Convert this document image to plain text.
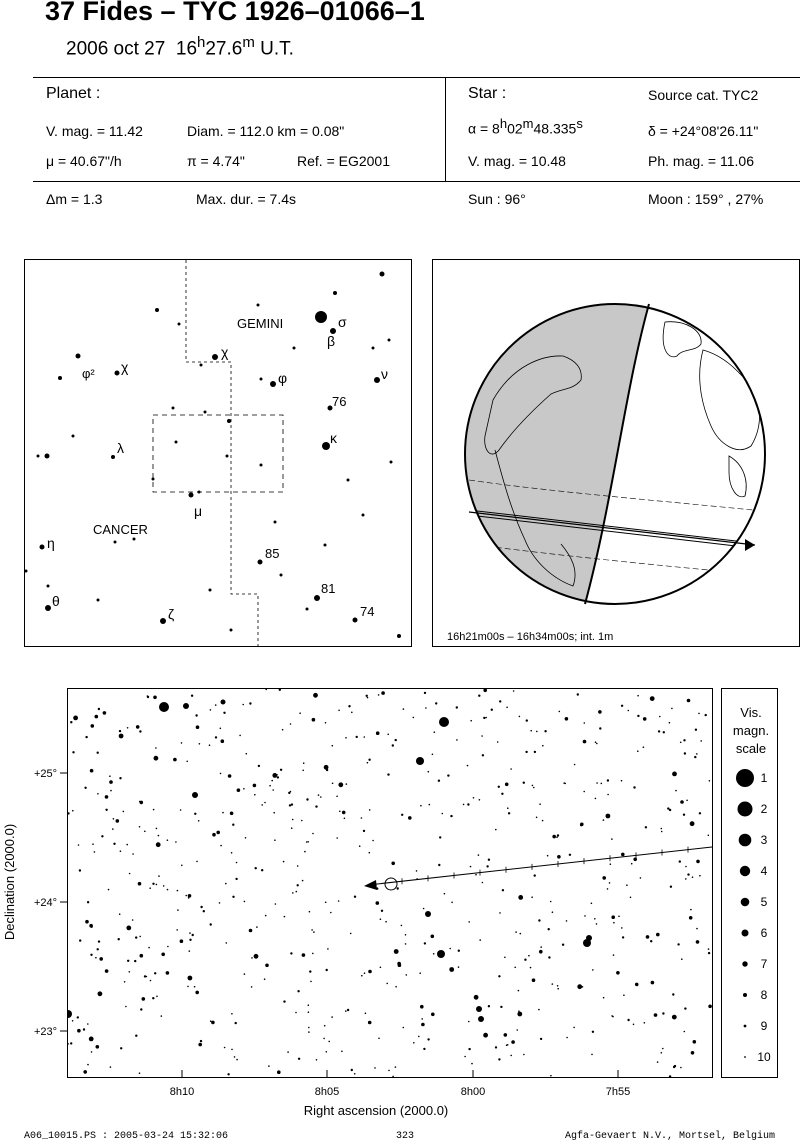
37 Fides – TYC 1926–01066–1
2006 oct 27 16$^h$27.6$^m$ U.T.
Planet :
V. mag. = 11.42	Diam. = 112.0 km = 0.08"
μ = 40.67"/h	π = 4.74"	Ref. = EG2001
Δm = 1.3	Max. dur. = 7.4s
Star :	Source cat. TYC2
$\alpha = 8^h02^m48.335^s$	δ = +24°08'26.11"
V. mag. = 10.48	Ph. mag. = 11.06
Sun : 96°	Moon : 159° , 27%
GEMINI
CANCER
σ
β
χ
φ	ν
76
κ
φ² χ
λ
μ
η
85
81
θ
ζ	74
16h21m00s – 16h34m00s; int. 1m
8h10	8h05	8h00	7h55
Right ascension (2000.0)
+25°
+24°
+23°
Declination (2000.0)
Vis.
magn.
scale
1
2
3
4
5
6
7
8
9
10
A06_10015.PS : 2005-03-24 15:32:06	323	Agfa-Gevaert N.V., Mortsel, Belgium
